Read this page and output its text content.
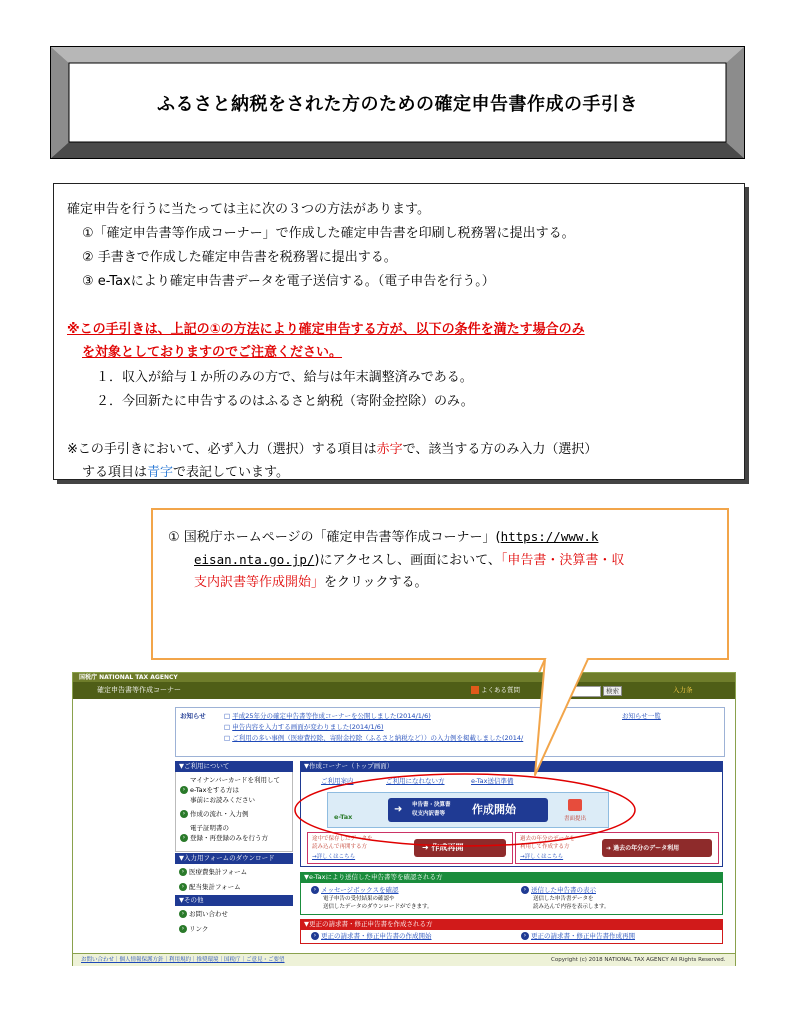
ふるさと納税をされた方のための確定申告書作成の手引き
確定申告を行うに当たっては主に次の３つの方法があります。
①「確定申告書等作成コーナー」で作成した確定申告書を印刷し税務署に提出する。
② 手書きで作成した確定申告書を税務署に提出する。
③ e-Taxにより確定申告書データを電子送信する。（電子申告を行う。）
※この手引きは、上記の①の方法により確定申告する方が、以下の条件を満たす場合のみ
を対象としておりますのでご注意ください。
１．収入が給与１か所のみの方で、給与は年末調整済みである。
２．今回新たに申告するのはふるさと納税（寄附金控除）のみ。
※この手引きにおいて、必ず入力（選択）する項目は赤字で、該当する方のみ入力（選択）
する項目は青字で表記しています。
① 国税庁ホームページの「確定申告書等作成コーナー」(https://www.k
eisan.nta.go.jp/)にアクセスし、画面において、「申告書・決算書・収
支内訳書等作成開始」をクリックする。
国税庁 NATIONAL TAX AGENCY
確定申告書等作成コーナー	よくある質問	検索	入力条
お知らせ	お知らせ一覧
□ 平成25年分の確定申告書等作成コーナーを公開しました(2014/1/6)
□ 申告内容を入力する画面が変わりました(2014/1/6)
□ ご利用の多い事例（医療費控除、寄附金控除（ふるさと納税など））の入力例を掲載しました(2014/
▼ご利用について
マイナンバーカードを利用して
› e-Taxをする方は
事前にお読みください
› 作成の流れ・入力例
電子証明書の
› 登録・再登録のみを行う方
▼入力用フォームのダウンロード
› 医療費集計フォーム
› 配当集計フォーム
▼その他
› お問い合わせ
› リンク
▼作成コーナー（トップ画面）
ご利用案内	ご利用になれない方	e-Tax送信準備
e-Tax
➜ 申告書・決算書
収支内訳書等 作成開始
書面提出
途中で保存したデータを
読み込んで再開する方
→詳しくはこちら
➜ 作成再開
過去の年分のデータを
利用して作成する方
→詳しくはこちら
➜ 過去の年分のデータ利用
▼e-Taxにより送信した申告書等を確認される方
› メッセージボックスを確認
電子申告の受付結果の確認や
送信したデータのダウンロードができます。
› 送信した申告書の表示
送信した申告書データを
読み込んで内容を表示します。
▼更正の請求書・修正申告書を作成される方
› 更正の請求書・修正申告書の作成開始	› 更正の請求書・修正申告書作成再開
お問い合わせ｜個人情報保護方針｜利用規約｜推奨環境｜国税庁｜ご意見・ご要望	Copyright (c) 2018 NATIONAL TAX AGENCY All Rights Reserved.
